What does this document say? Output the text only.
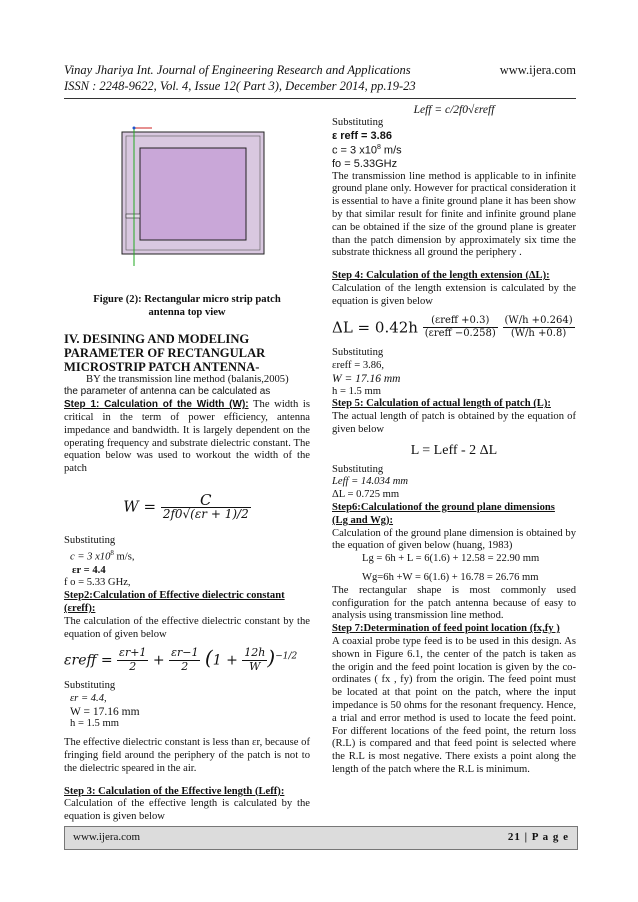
Vinay Jhariya Int. Journal of Engineering Research and Applications
ISSN : 2248-9622, Vol. 4, Issue 12( Part 3), December 2014, pp.19-23
www.ijera.com

Figure (2): Rectangular micro strip patch

antenna top view

IV. DESINING AND MODELING

PARAMETER OF RECTANGULAR

MICROSTRIP PATCH ANTENNA-

BY the transmission line method (balanis,2005)

the parameter of antenna can be calculated as

Step 1: Calculation of the Width (W): The width is critical in the term of power efficiency, antenna impedance and bandwidth. It is largely dependent on the operating frequency and substrate dielectric constant. The equation below was used to workout the width of the patch

$W = \frac{C}{2f0√(\varepsilon r + 1)/2}$

Substituting

c = 3 $x10^8$ m/s,

εr = 4.4

f o = 5.33 GHz,

Step2:Calculation of Effective dielectric constant

(εreff):

The calculation of the effective dielectric constant by the equation of given below

εreff = $\frac{\varepsilon r+1}{2} + \frac{\varepsilon r-1}{2} (1 + \frac{12h}{W} )^{-1/2}$

Substituting

εr = 4.4,

W = 17.16 mm

h = 1.5 mm

The effective dielectric constant is less than εr, because of fringing field around the periphery of the patch is not to the dielectric speared in the air.

Step 3: Calculation of the Effective length (Leff):

Calculation of the effective length is calculated by the equation is given below

Leff = c/2f0√εreff

Substituting

ε reff = 3.86

c = 3 $x10^8$ m/s

fo = 5.33GHz

The transmission line method is applicable to in infinite ground plane only. However for practical consideration it is essential to have a finite ground plane it has been show by that similar result for finite and infinite ground plane can be obtained if the size of the ground plane is greater than the patch dimension by approximately six time the substrate thickness all ground the periphery .

Step 4: Calculation of the length extension (ΔL):

Calculation of the length extension is calculated by the equation is given below

$\Delta L = 0.42h \frac{\text{(εreff +0.3)}}{\text{(εreff −0.258)}}$
$\frac{(W/h +0.264)}{(W/h +0.8)}$

Substituting

εreff = 3.86,

W = 17.16 mm

h = 1.5 mm

Step 5: Calculation of actual length of patch (L):

The actual length of patch is obtained by the equation of given below

L = Leff - 2 ΔL

Substituting

Leff = 14.034 mm

ΔL = 0.725 mm

Step6:Calculationof the ground plane dimensions

(Lg and Wg):

Calculation of the ground plane dimension is obtained by the equation of given below (huang, 1983)

Lg = 6h + L = 6(1.6) + 12.58 = 22.90 mm

Wg=6h +W = 6(1.6) + 16.78 = 26.76 mm

The rectangular shape is most commonly used configuration for the patch antenna because of easy to analysis using transmission line method.

Step 7:Determination of feed point location (fx,fy )

A coaxial probe type feed is to be used in this design. As shown in Figure 6.1, the center of the patch is taken as the origin and the feed point location is given by the co-ordinates ( fx , fy) from the origin. The feed point must be located at that point on the patch, where the input impedance is 50 ohms for the resonant frequency. Hence, a trial and error method is used to locate the feed point. For different locations of the feed point, the return loss (R.L) is compared and that feed point is selected where the R.L is most negative. There exists a point along the length of the patch where the R.L is minimum.

www.ijera.com	21 | P a g e
